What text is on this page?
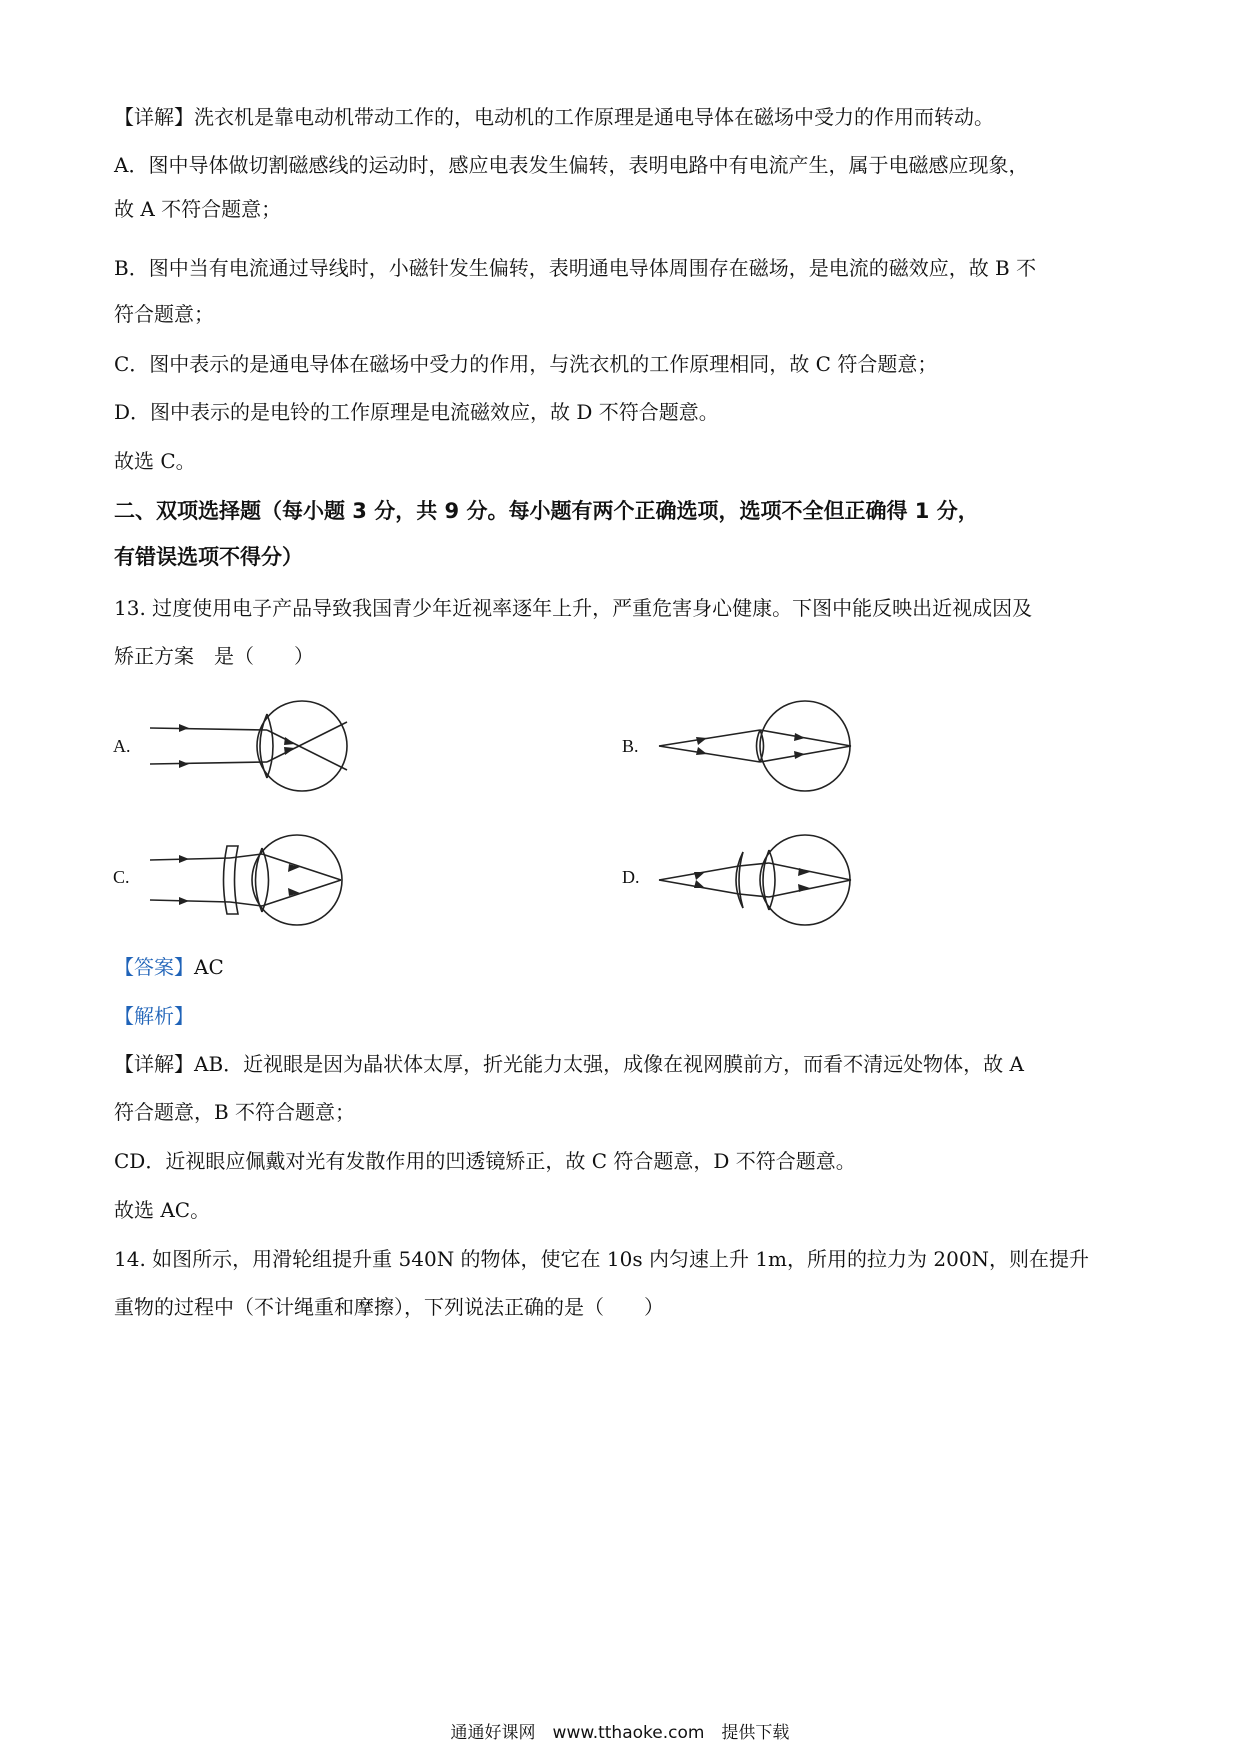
【详解】洗衣机是靠电动机带动工作的，电动机的工作原理是通电导体在磁场中受力的作用而转动。
A．图中导体做切割磁感线的运动时，感应电表发生偏转，表明电路中有电流产生，属于电磁感应现象，
故 A 不符合题意；
B．图中当有电流通过导线时，小磁针发生偏转，表明通电导体周围存在磁场，是电流的磁效应，故 B 不
符合题意；
C．图中表示的是通电导体在磁场中受力的作用，与洗衣机的工作原理相同，故 C 符合题意；
D．图中表示的是电铃的工作原理是电流磁效应，故 D 不符合题意。
故选 C。
二、双项选择题（每小题 3 分，共 9 分。每小题有两个正确选项，选项不全但正确得 1 分，
有错误选项不得分）
13. 过度使用电子产品导致我国青少年近视率逐年上升，严重危害身心健康。下图中能反映出近视成因及
矫正方案　是（　　）
A.	B.
C.	D.
【答案】AC
【解析】
【详解】AB．近视眼是因为晶状体太厚，折光能力太强，成像在视网膜前方，而看不清远处物体，故 A
符合题意，B 不符合题意；
CD．近视眼应佩戴对光有发散作用的凹透镜矫正，故 C 符合题意，D 不符合题意。
故选 AC。
14. 如图所示，用滑轮组提升重 540N 的物体，使它在 10s 内匀速上升 1m，所用的拉力为 200N，则在提升
重物的过程中（不计绳重和摩擦），下列说法正确的是（　　）
通通好课网　www.tthaoke.com　提供下载
